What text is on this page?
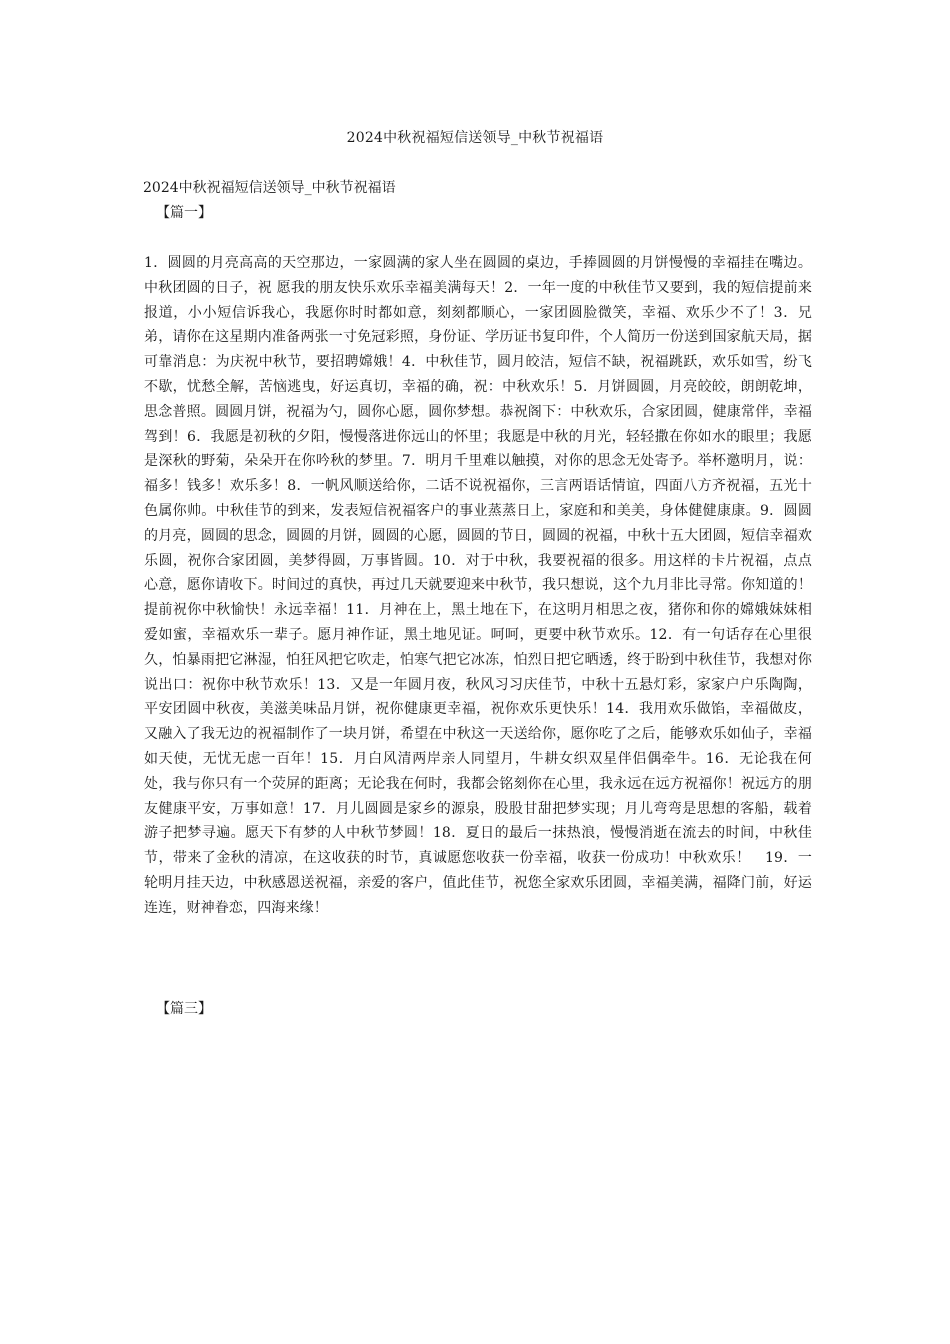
2024中秋祝福短信送领导_中秋节祝福语
2024中秋祝福短信送领导_中秋节祝福语
【篇一】
1．圆圆的月亮高高的天空那边，一家圆满的家人坐在圆圆的桌边，手捧圆圆的月饼慢慢的幸福挂在嘴边。中秋团圆的日子，祝 愿我的朋友快乐欢乐幸福美满每天！2．一年一度的中秋佳节又要到，我的短信提前来报道，小小短信诉我心，我愿你时时都如意，刻刻都顺心，一家团圆脸微笑，幸福、欢乐少不了！3．兄弟，请你在这星期内准备两张一寸免冠彩照，身份证、学历证书复印件，个人简历一份送到国家航天局，据可靠消息：为庆祝中秋节，要招聘嫦娥！4．中秋佳节，圆月皎洁，短信不缺，祝福跳跃，欢乐如雪，纷飞不歇，忧愁全解，苦恼逃曳，好运真切，幸福的确，祝：中秋欢乐！5．月饼圆圆，月亮皎皎，朗朗乾坤，思念普照。圆圆月饼，祝福为勺，圆你心愿，圆你梦想。恭祝阁下：中秋欢乐，合家团圆，健康常伴，幸福驾到！6．我愿是初秋的夕阳，慢慢落进你远山的怀里；我愿是中秋的月光，轻轻撒在你如水的眼里；我愿是深秋的野菊，朵朵开在你吟秋的梦里。7．明月千里难以触摸，对你的思念无处寄予。举杯邀明月，说：福多！钱多！欢乐多！8．一帆风顺送给你，二话不说祝福你，三言两语话情谊，四面八方齐祝福，五光十色属你帅。中秋佳节的到来，发表短信祝福客户的事业蒸蒸日上，家庭和和美美，身体健健康康。9．圆圆的月亮，圆圆的思念，圆圆的月饼，圆圆的心愿，圆圆的节日，圆圆的祝福，中秋十五大团圆，短信幸福欢乐圆，祝你合家团圆，美梦得圆，万事皆圆。10．对于中秋，我要祝福的很多。用这样的卡片祝福，点点心意，愿你请收下。时间过的真快，再过几天就要迎来中秋节，我只想说，这个九月非比寻常。你知道的！提前祝你中秋愉快！永远幸福！11．月神在上，黑土地在下，在这明月相思之夜，猪你和你的嫦娥妹妹相爱如蜜，幸福欢乐一辈子。愿月神作证，黑土地见证。呵呵，更要中秋节欢乐。12．有一句话存在心里很久，怕暴雨把它淋湿，怕狂风把它吹走，怕寒气把它冰冻，怕烈日把它晒透，终于盼到中秋佳节，我想对你说出口：祝你中秋节欢乐！13．又是一年圆月夜，秋风习习庆佳节，中秋十五悬灯彩，家家户户乐陶陶，平安团圆中秋夜，美滋美味品月饼，祝你健康更幸福，祝你欢乐更快乐！14．我用欢乐做馅，幸福做皮，又融入了我无边的祝福制作了一块月饼，希望在中秋这一天送给你，愿你吃了之后，能够欢乐如仙子，幸福如天使，无忧无虑一百年！15．月白风清两岸亲人同望月，牛耕女织双星伴侣偶牵牛。16．无论我在何处，我与你只有一个荧屏的距离；无论我在何时，我都会铭刻你在心里，我永远在远方祝福你！祝远方的朋友健康平安，万事如意！17．月儿圆圆是家乡的源泉，股股甘甜把梦实现；月儿弯弯是思想的客船，载着游子把梦寻遍。愿天下有梦的人中秋节梦圆！18．夏日的最后一抹热浪，慢慢消逝在流去的时间，中秋佳节，带来了金秋的清凉，在这收获的时节，真诚愿您收获一份幸福，收获一份成功！中秋欢乐！　19．一轮明月挂天边，中秋感恩送祝福，亲爱的客户，值此佳节，祝您全家欢乐团圆，幸福美满，福降门前，好运连连，财神眷恋，四海来缘！
【篇三】
